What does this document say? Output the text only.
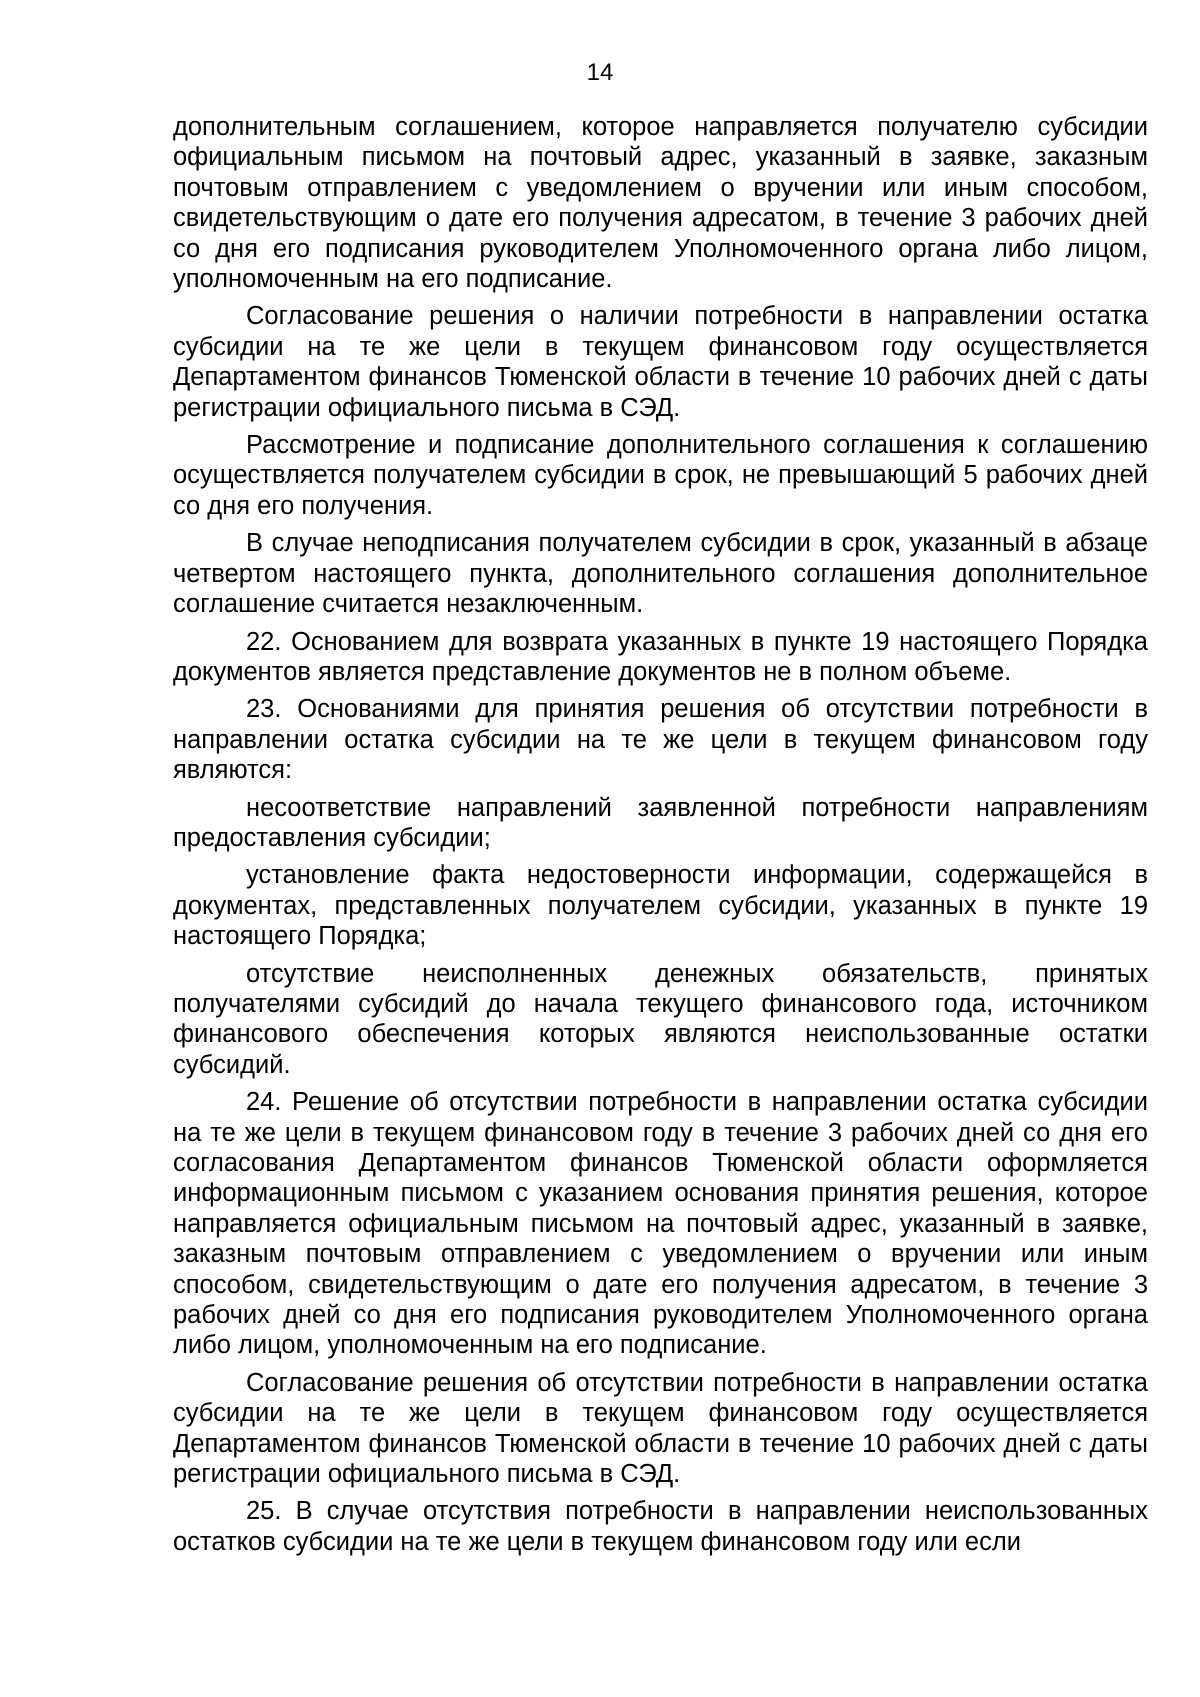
14

дополнительным соглашением, которое направляется получателю субсидии официальным письмом на почтовый адрес, указанный в заявке, заказным почтовым отправлением с уведомлением о вручении или иным способом, свидетельствующим о дате его получения адресатом, в течение 3 рабочих дней со дня его подписания руководителем Уполномоченного органа либо лицом, уполномоченным на его подписание.

Согласование решения о наличии потребности в направлении остатка субсидии на те же цели в текущем финансовом году осуществляется Департаментом финансов Тюменской области в течение 10 рабочих дней с даты регистрации официального письма в СЭД.

Рассмотрение и подписание дополнительного соглашения к соглашению осуществляется получателем субсидии в срок, не превышающий 5 рабочих дней со дня его получения.

В случае неподписания получателем субсидии в срок, указанный в абзаце четвертом настоящего пункта, дополнительного соглашения дополнительное соглашение считается незаключенным.

22. Основанием для возврата указанных в пункте 19 настоящего Порядка документов является представление документов не в полном объеме.

23. Основаниями для принятия решения об отсутствии потребности в направлении остатка субсидии на те же цели в текущем финансовом году являются:

несоответствие направлений заявленной потребности направлениям предоставления субсидии;

установление факта недостоверности информации, содержащейся в документах, представленных получателем субсидии, указанных в пункте 19 настоящего Порядка;

отсутствие неисполненных денежных обязательств, принятых получателями субсидий до начала текущего финансового года, источником финансового обеспечения которых являются неиспользованные остатки субсидий.

24. Решение об отсутствии потребности в направлении остатка субсидии на те же цели в текущем финансовом году в течение 3 рабочих дней со дня его согласования Департаментом финансов Тюменской области оформляется информационным письмом с указанием основания принятия решения, которое направляется официальным письмом на почтовый адрес, указанный в заявке, заказным почтовым отправлением с уведомлением о вручении или иным способом, свидетельствующим о дате его получения адресатом, в течение 3 рабочих дней со дня его подписания руководителем Уполномоченного органа либо лицом, уполномоченным на его подписание.

Согласование решения об отсутствии потребности в направлении остатка субсидии на те же цели в текущем финансовом году осуществляется Департаментом финансов Тюменской области в течение 10 рабочих дней с даты регистрации официального письма в СЭД.

25. В случае отсутствия потребности в направлении неиспользованных остатков субсидии на те же цели в текущем финансовом году или если
